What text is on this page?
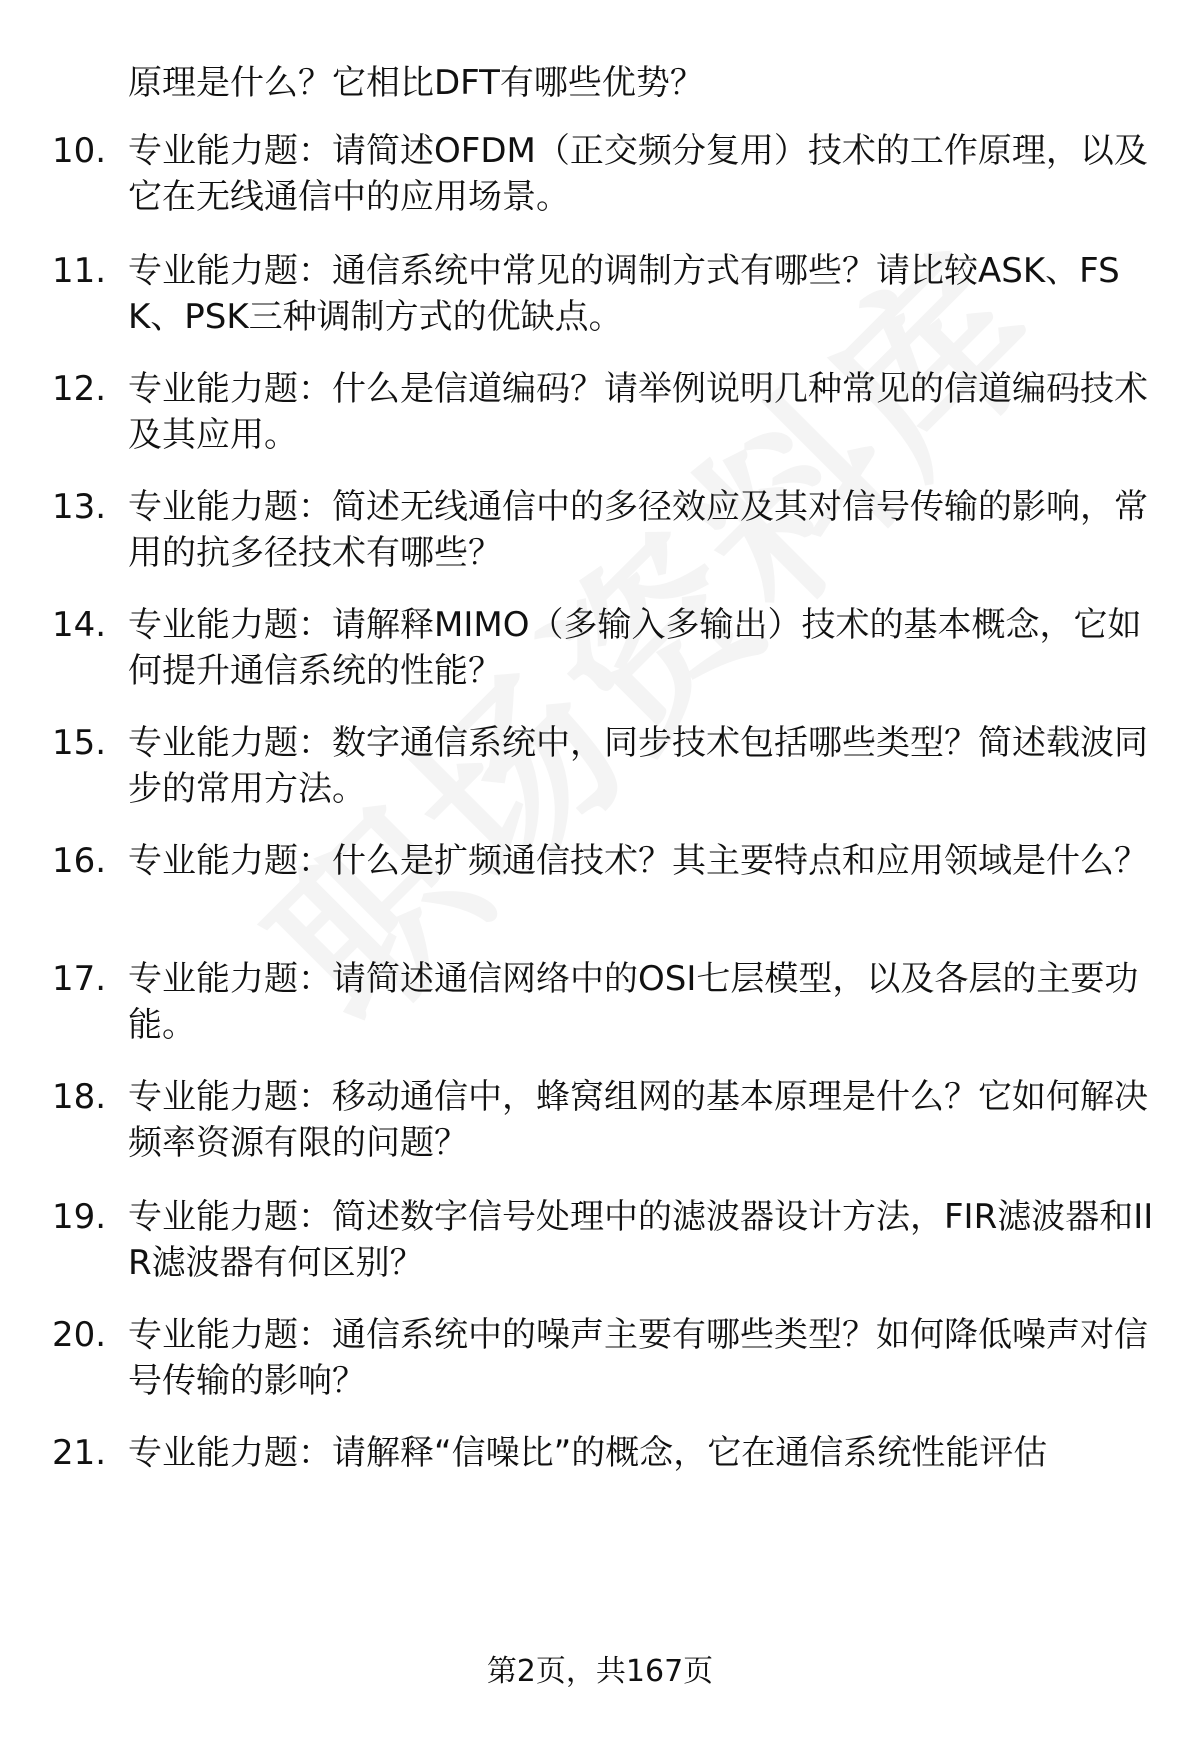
原理是什么？它相比DFT有哪些优势？
10. 专业能力题：请简述OFDM（正交频分复用）技术的工作原理，以及它在无线通信中的应用场景。
11. 专业能力题：通信系统中常见的调制方式有哪些？请比较ASK、FSK、PSK三种调制方式的优缺点。
12. 专业能力题：什么是信道编码？请举例说明几种常见的信道编码技术及其应用。
13. 专业能力题：简述无线通信中的多径效应及其对信号传输的影响，常用的抗多径技术有哪些？
14. 专业能力题：请解释MIMO（多输入多输出）技术的基本概念，它如何提升通信系统的性能？
15. 专业能力题：数字通信系统中，同步技术包括哪些类型？简述载波同步的常用方法。
16. 专业能力题：什么是扩频通信技术？其主要特点和应用领域是什么？
17. 专业能力题：请简述通信网络中的OSI七层模型，以及各层的主要功能。
18. 专业能力题：移动通信中，蜂窝组网的基本原理是什么？它如何解决频率资源有限的问题？
19. 专业能力题：简述数字信号处理中的滤波器设计方法，FIR滤波器和IIR滤波器有何区别？
20. 专业能力题：通信系统中的噪声主要有哪些类型？如何降低噪声对信号传输的影响？
21. 专业能力题：请解释“信噪比”的概念，它在通信系统性能评估
第2页，共167页
